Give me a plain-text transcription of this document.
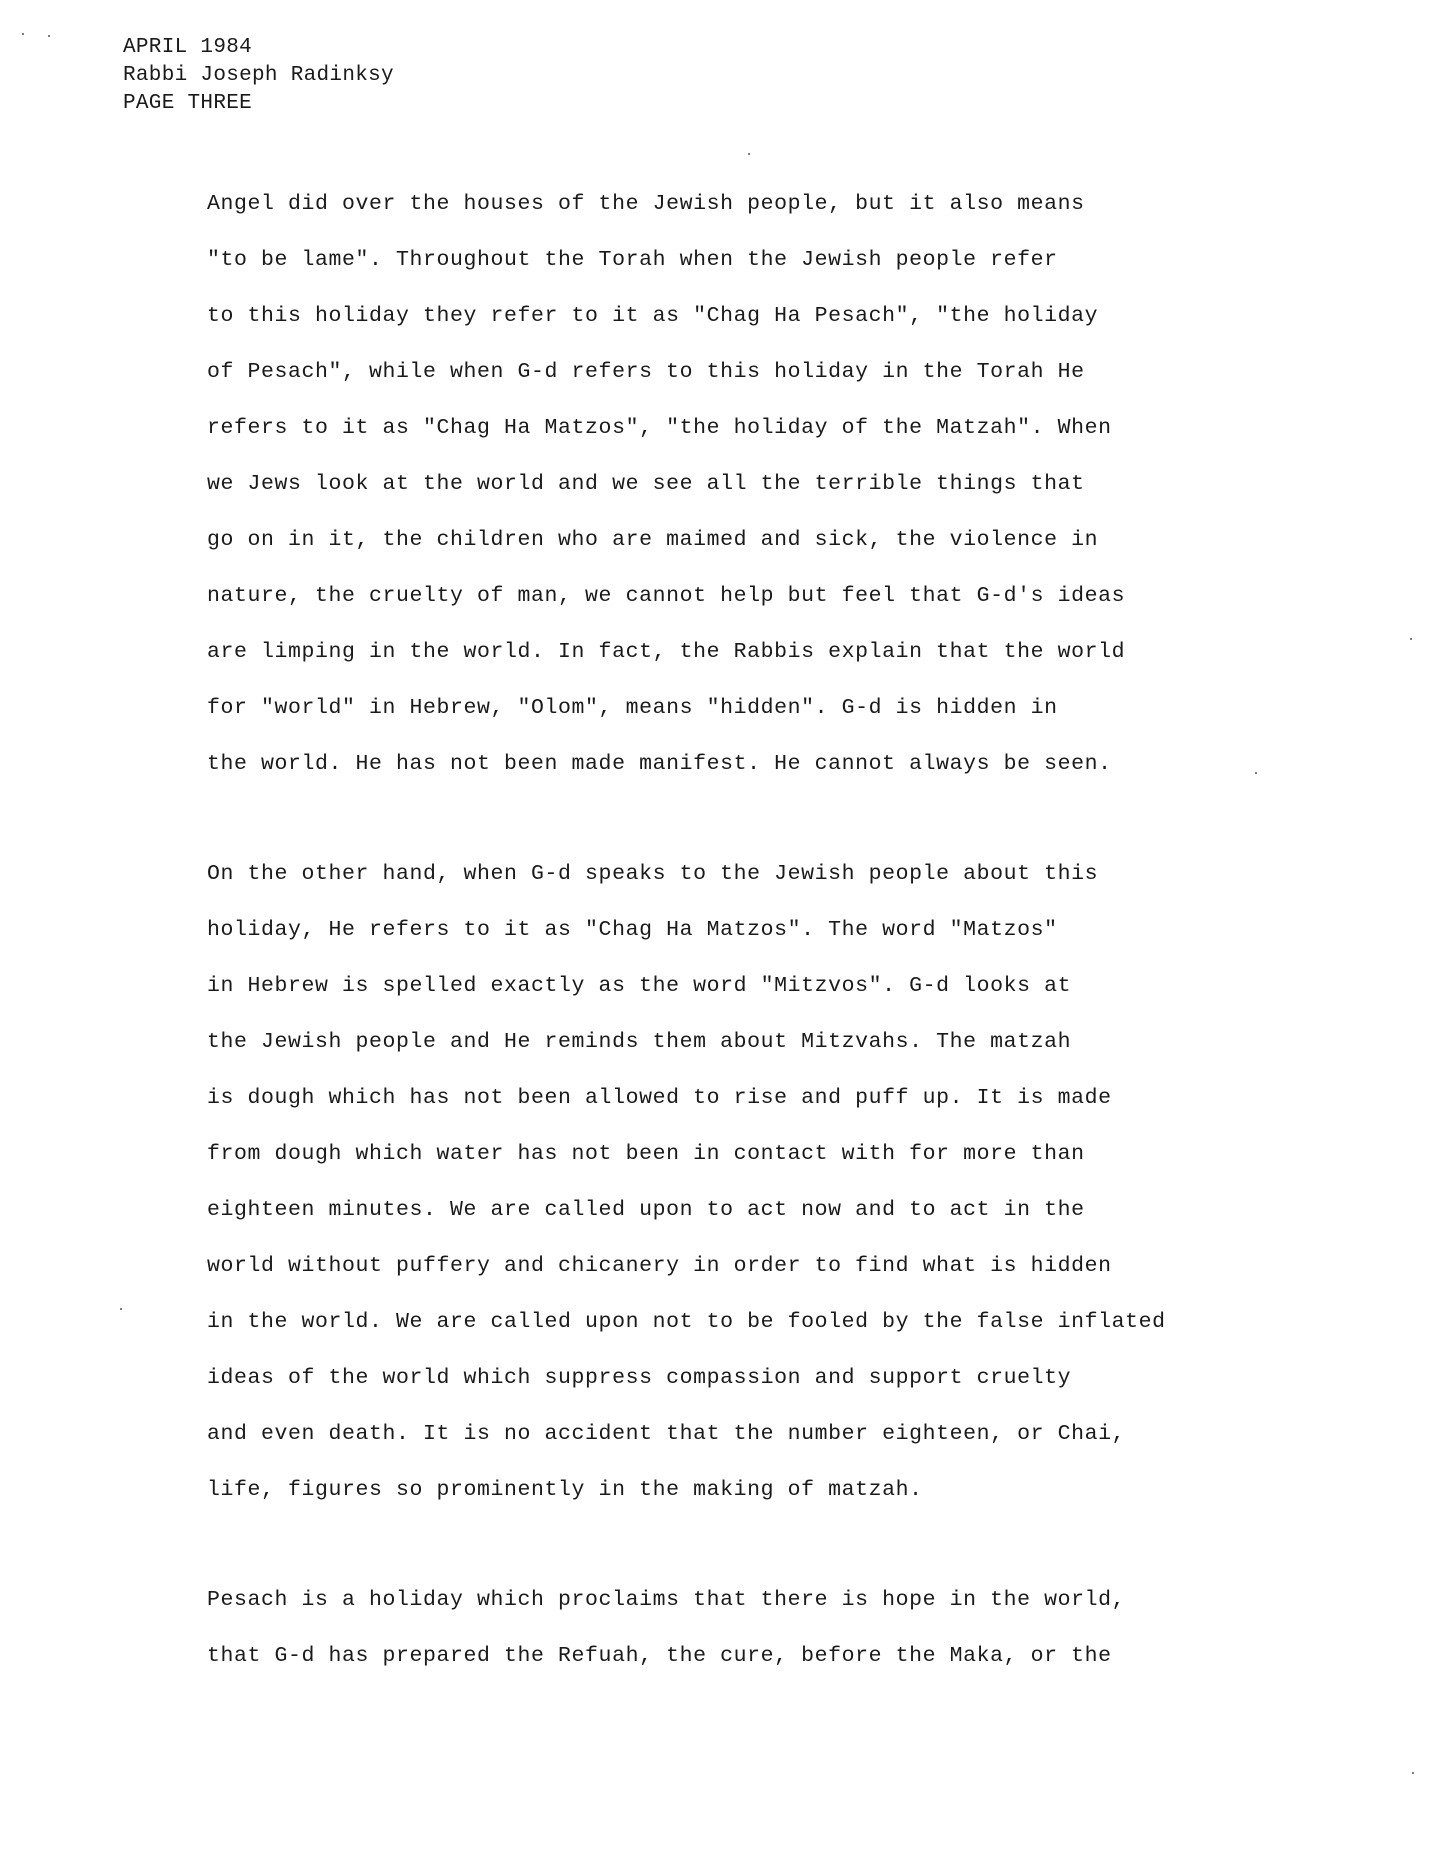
APRIL 1984
Rabbi Joseph Radinksy
PAGE THREE
Angel did over the houses of the Jewish people, but it also means
"to be lame". Throughout the Torah when the Jewish people refer
to this holiday they refer to it as "Chag Ha Pesach", "the holiday
of Pesach", while when G-d refers to this holiday in the Torah He
refers to it as "Chag Ha Matzos", "the holiday of the Matzah". When
we Jews look at the world and we see all the terrible things that
go on in it, the children who are maimed and sick, the violence in
nature, the cruelty of man, we cannot help but feel that G-d's ideas
are limping in the world. In fact, the Rabbis explain that the world
for "world" in Hebrew, "Olom", means "hidden". G-d is hidden in
the world. He has not been made manifest. He cannot always be seen.
On the other hand, when G-d speaks to the Jewish people about this
holiday, He refers to it as "Chag Ha Matzos". The word "Matzos"
in Hebrew is spelled exactly as the word "Mitzvos". G-d looks at
the Jewish people and He reminds them about Mitzvahs. The matzah
is dough which has not been allowed to rise and puff up. It is made
from dough which water has not been in contact with for more than
eighteen minutes. We are called upon to act now and to act in the
world without puffery and chicanery in order to find what is hidden
in the world. We are called upon not to be fooled by the false inflated
ideas of the world which suppress compassion and support cruelty
and even death. It is no accident that the number eighteen, or Chai,
life, figures so prominently in the making of matzah.
Pesach is a holiday which proclaims that there is hope in the world,
that G-d has prepared the Refuah, the cure, before the Maka, or the
